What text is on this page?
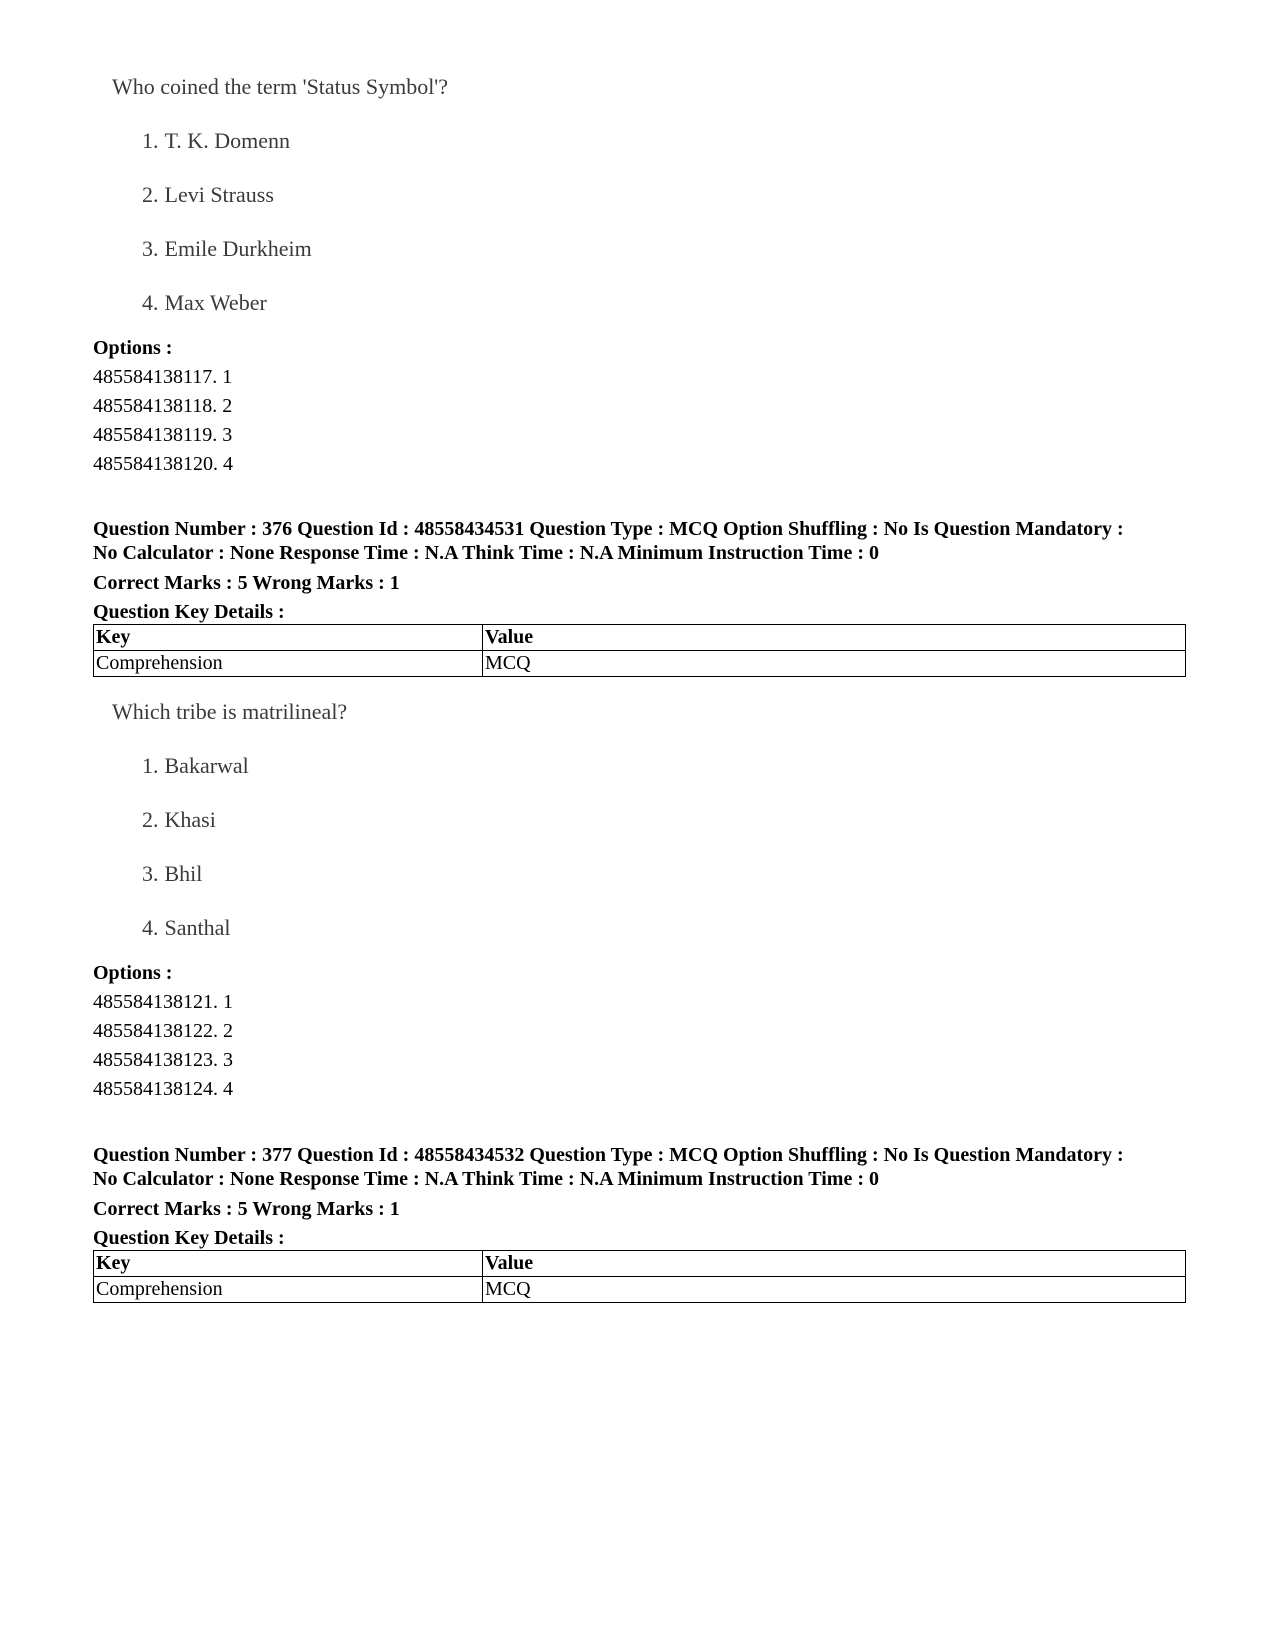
Who coined the term 'Status Symbol'?
1. T. K. Domenn
2. Levi Strauss
3. Emile Durkheim
4. Max Weber
Options :
485584138117. 1
485584138118. 2
485584138119. 3
485584138120. 4
Question Number : 376 Question Id : 48558434531 Question Type : MCQ Option Shuffling : No Is Question Mandatory :
No Calculator : None Response Time : N.A Think Time : N.A Minimum Instruction Time : 0
Correct Marks : 5 Wrong Marks : 1
Question Key Details :
Key	Value
Comprehension	MCQ
Which tribe is matrilineal?
1. Bakarwal
2. Khasi
3. Bhil
4. Santhal
Options :
485584138121. 1
485584138122. 2
485584138123. 3
485584138124. 4
Question Number : 377 Question Id : 48558434532 Question Type : MCQ Option Shuffling : No Is Question Mandatory :
No Calculator : None Response Time : N.A Think Time : N.A Minimum Instruction Time : 0
Correct Marks : 5 Wrong Marks : 1
Question Key Details :
Key	Value
Comprehension	MCQ
